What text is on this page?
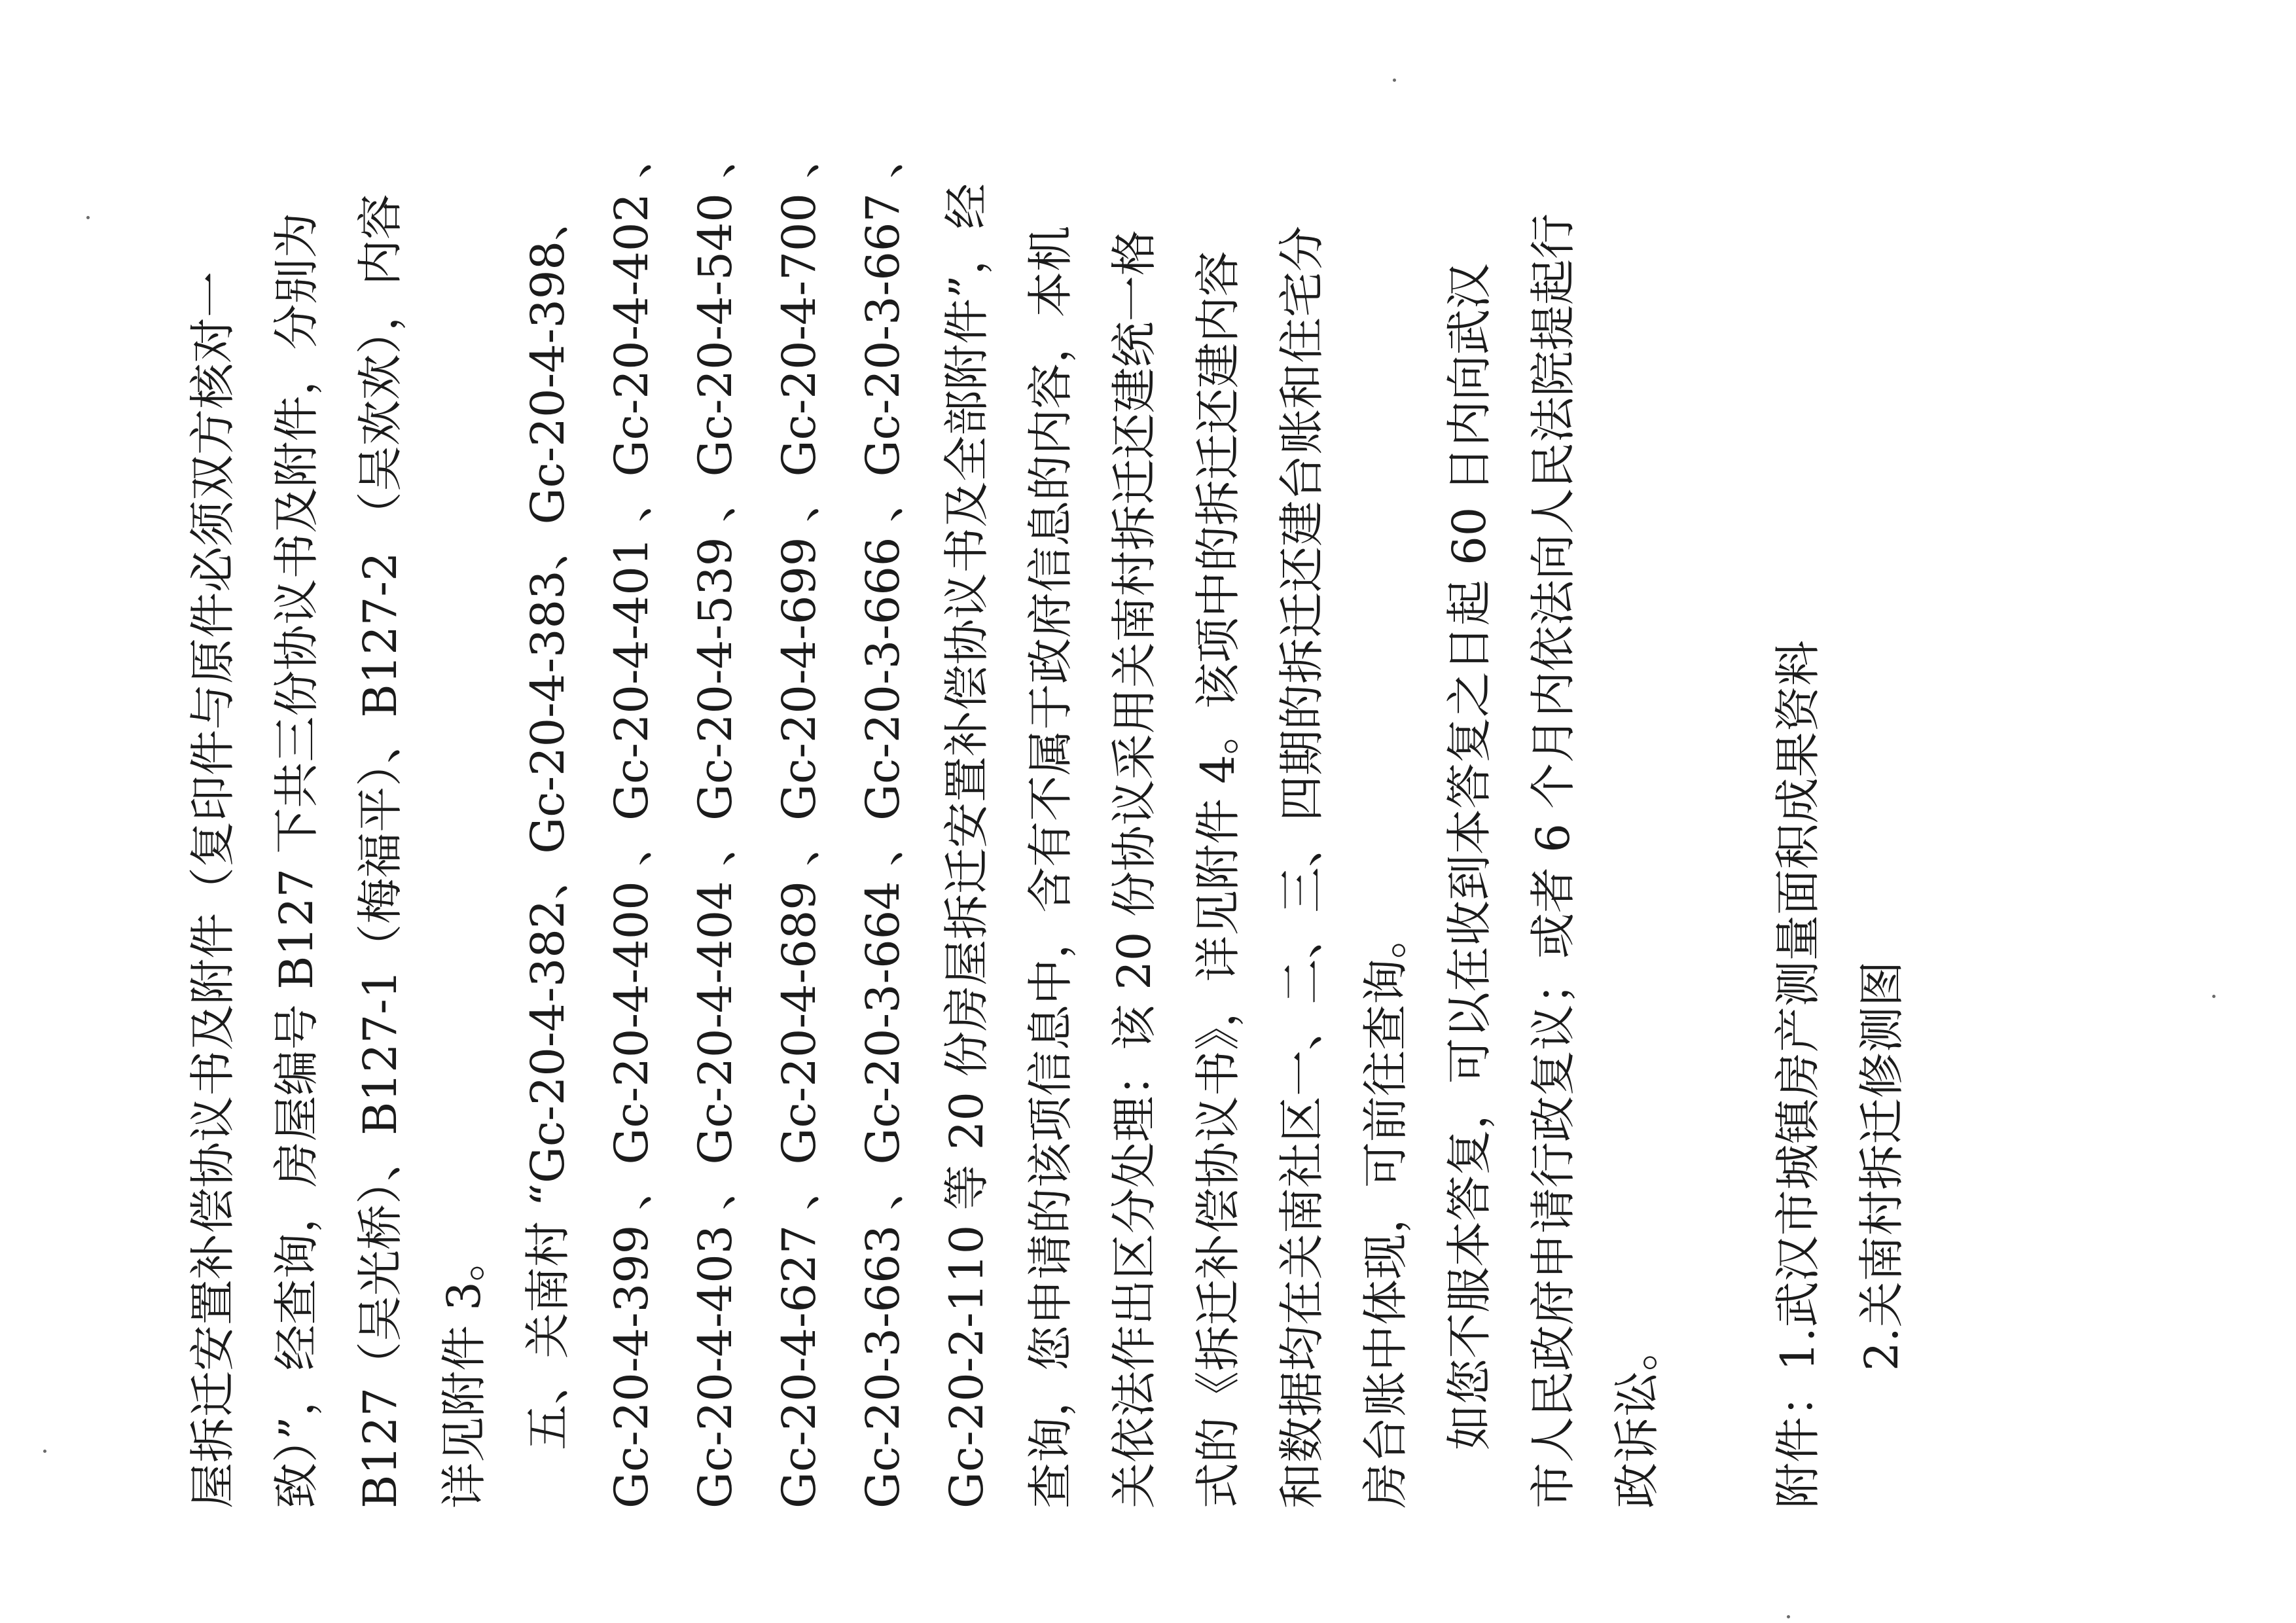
屋拆迁安置补偿协议书及附件（复印件与原件必须双方核对一 致）”，经查询，房屋编号 B127 下共三份协议书及附件，分别为 B127（吴光桥）、B127-1（梅福平）、B127-2 （吴欢欢），内容 详见附件 3。 五、关南村 “Gc-20-4-382、Gc-20-4-383、Gc-20-4-398、 Gc-20-4-399 、Gc-20-4-400 、Gc-20-4-401 、Gc-20-4-402 、 Gc-20-4-403 、Gc-20-4-404 、Gc-20-4-539 、Gc-20-4-540 、 Gc-20-4-627 、Gc-20-4-689 、Gc-20-4-699 、Gc-20-4-700 、 Gc-20-3-663 、Gc-20-3-664 、Gc-20-3-666 、Gc-20-3-667 、 Gc-20-2-110 等 20 份房屋拆迁安置补偿协议书及全部附件”，经 查询，您申请的该项信息中，含有不属于政府信息的内容，本机 关依法作出区分处理：该 20 份协议采用关南村拆迁还建统一格 式的《拆迁补偿协议书》，详见附件 4。该项中的拆迁还建内容 和数据均在关南社区一、二、三、四期的拆迁还建台账和住宅分 房台账中体现，可前往查询。 如您不服本答复，可以在收到本答复之日起 60 日内向武汉 市人民政府申请行政复议；或者 6 个月内依法向人民法院提起行 政诉讼。 附件：
1.武汉市城镇房产测量面积成果资料 2.关南村拆迁修测图
